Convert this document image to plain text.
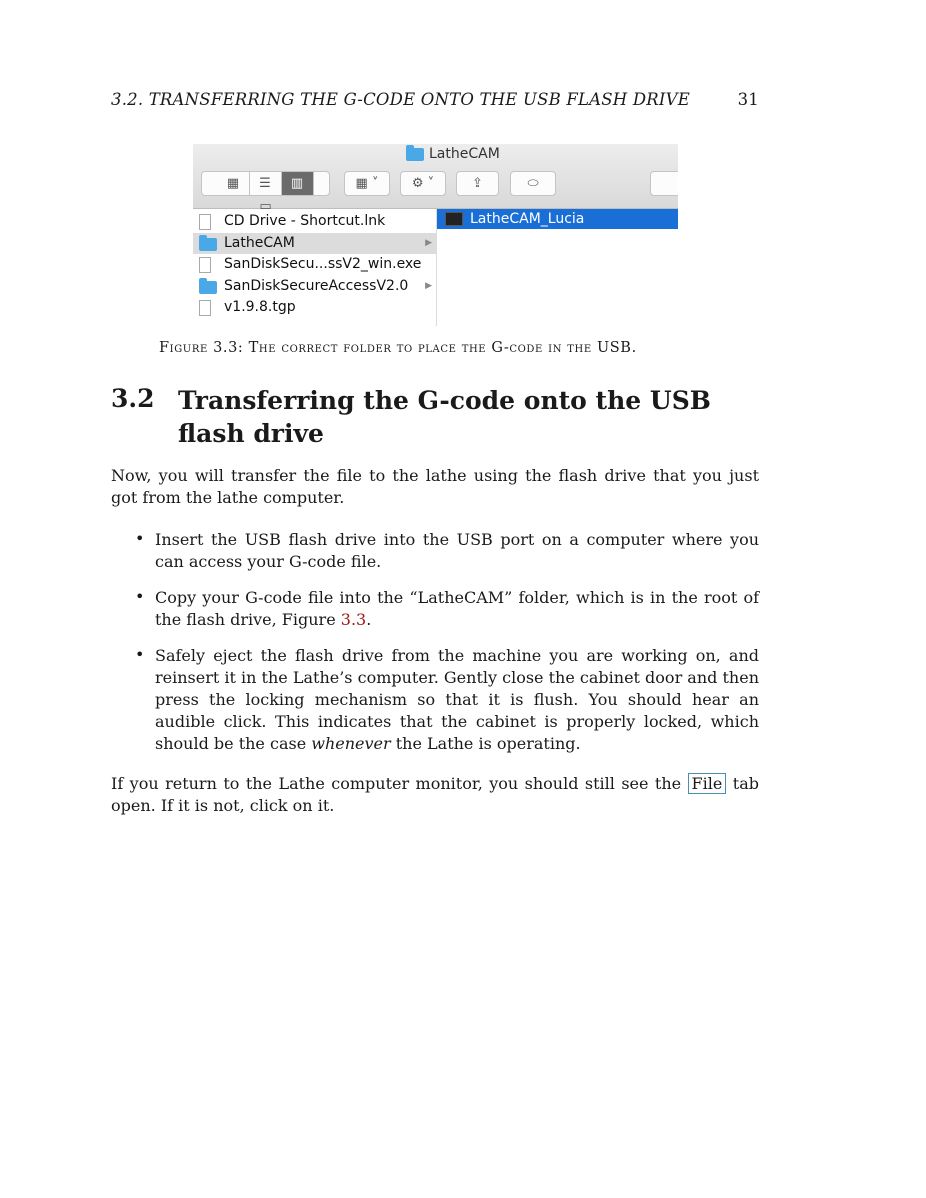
3.2. TRANSFERRING THE G-CODE ONTO THE USB FLASH DRIVE	31
LatheCAM
▦ ☰ ▥▭
▦ ˅	⚙ ˅	⇪	⬭
CD Drive - Shortcut.lnk
LatheCAM	▶
SanDiskSecu...ssV2_win.exe
SanDiskSecureAccessV2.0 ▶
v1.9.8.tgp
LatheCAM_Lucia
Figure 3.3: The correct folder to place the G-code in the USB.
3.2 Transferring the G-code onto the USB flash drive
Now, you will transfer the file to the lathe using the flash drive that you just got from the lathe computer.
• Insert the USB flash drive into the USB port on a computer where you can access your G-code file.
• Copy your G-code file into the “LatheCAM” folder, which is in the root of the flash drive, Figure 3.3.
• Safely eject the flash drive from the machine you are working on, and reinsert it in the Lathe’s computer. Gently close the cabinet door and then press the locking mechanism so that it is flush. You should hear an audible click. This indicates that the cabinet is properly locked, which should be the case whenever the Lathe is operating.
If you return to the Lathe computer monitor, you should still see the File tab open. If it is not, click on it.
